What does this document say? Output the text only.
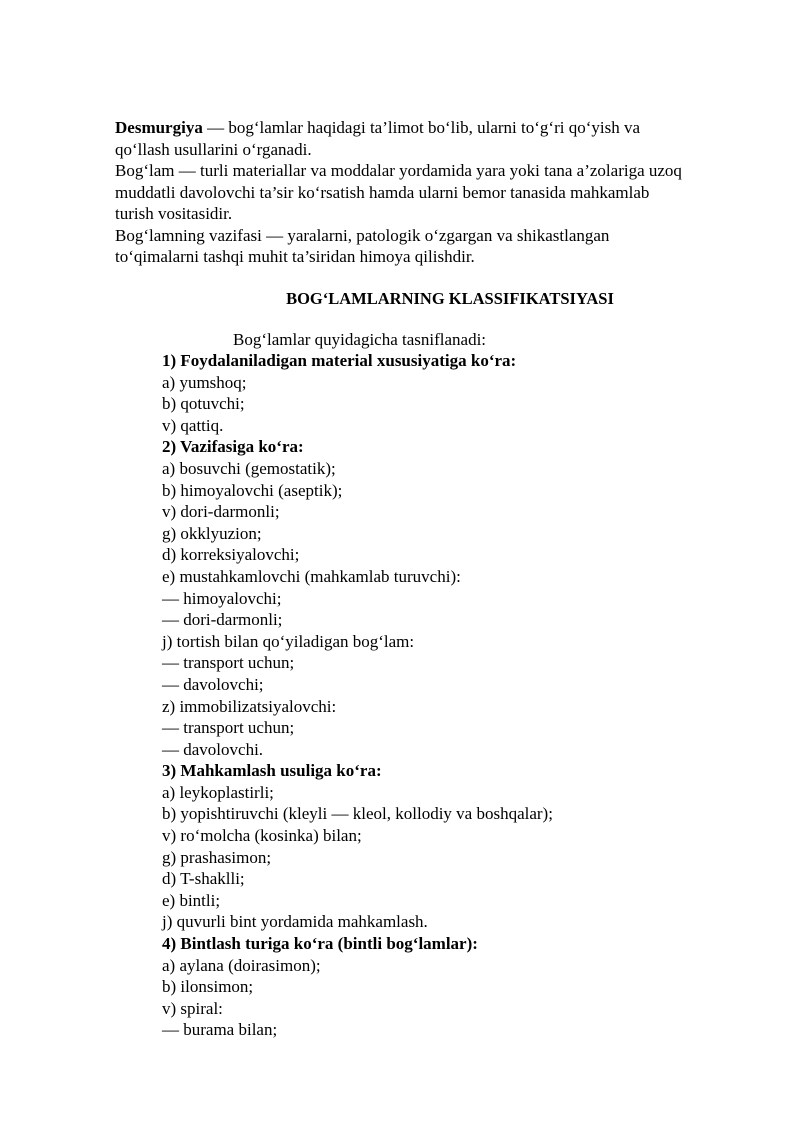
Desmurgiya — bog‘lamlar haqidagi ta’limot bo‘lib, ularni to‘g‘ri qo‘yish va
qo‘llash usullarini o‘rganadi.

Bog‘lam — turli materiallar va moddalar yordamida yara yoki tana a’zolariga uzoq
muddatli davolovchi ta’sir ko‘rsatish hamda ularni bemor tanasida mahkamlab
turish vositasidir.

Bog‘lamning vazifasi — yaralarni, patologik o‘zgargan va shikastlangan
to‘qimalarni tashqi muhit ta’siridan himoya qilishdir.

BOG‘LAMLARNING KLASSIFIKATSIYASI
Bog‘lamlar quyidagicha tasniflanadi:

1) Foydalaniladigan material xususiyatiga ko‘ra:

a) yumshoq;

b) qotuvchi;

v) qattiq.

2) Vazifasiga ko‘ra:

a) bosuvchi (gemostatik);

b) himoyalovchi (aseptik);

v) dori-darmonli;

g) okklyuzion;

d) korreksiyalovchi;

e) mustahkamlovchi (mahkamlab turuvchi):

— himoyalovchi;

— dori-darmonli;

j) tortish bilan qo‘yiladigan bog‘lam:

— transport uchun;

— davolovchi;

z) immobilizatsiyalovchi:

— transport uchun;

— davolovchi.

3) Mahkamlash usuliga ko‘ra:

a) leykoplastirli;

b) yopishtiruvchi (kleyli — kleol, kollodiy va boshqalar);

v) ro‘molcha (kosinka) bilan;

g) prashasimon;

d) T-shaklli;

e) bintli;

j) quvurli bint yordamida mahkamlash.

4) Bintlash turiga ko‘ra (bintli bog‘lamlar):

a) aylana (doirasimon);

b) ilonsimon;

v) spiral:

— burama bilan;
